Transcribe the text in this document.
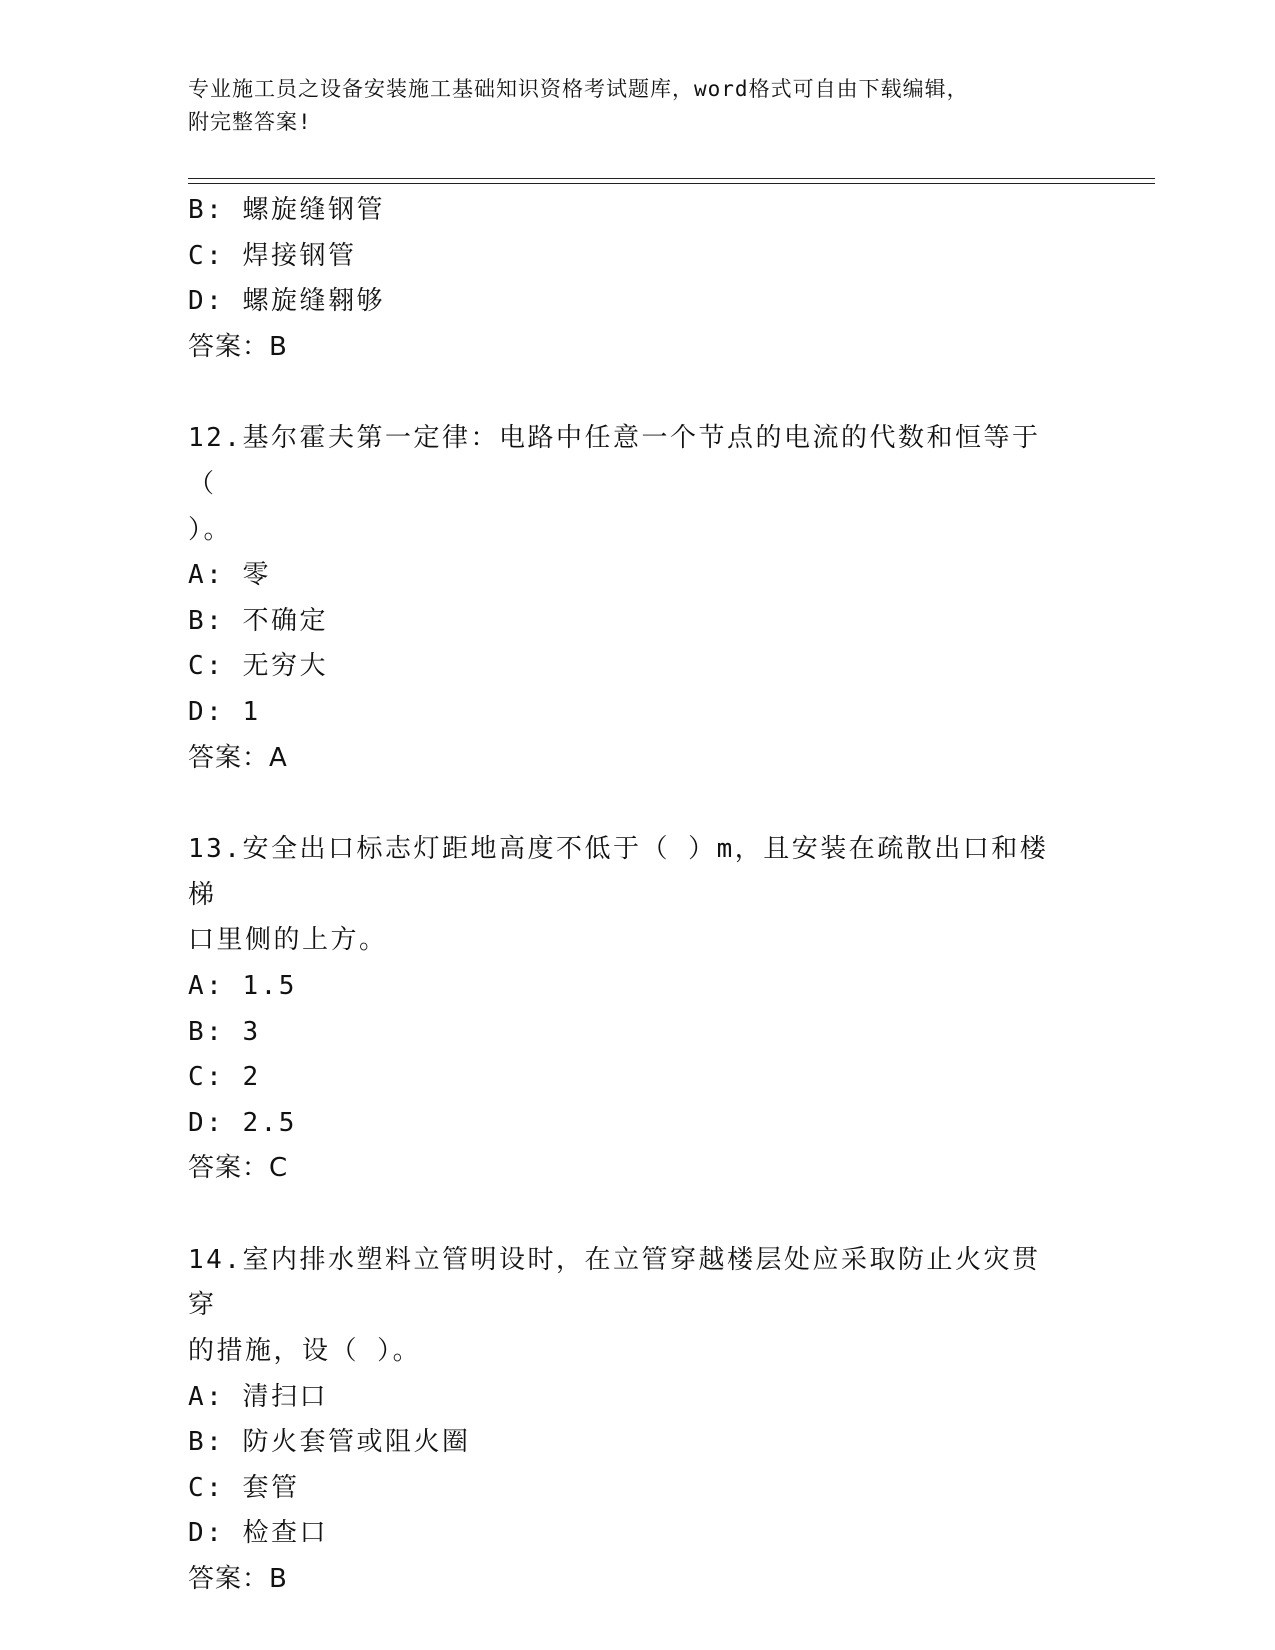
专业施工员之设备安装施工基础知识资格考试题库，word格式可自由下载编辑，
附完整答案!
B: 螺旋缝钢管
C: 焊接钢管
D: 螺旋缝翱够
答案：B
12.基尔霍夫第一定律：电路中任意一个节点的电流的代数和恒等于（
）。
A: 零
B: 不确定
C: 无穷大
D: 1
答案：A
13.安全出口标志灯距地高度不低于（ ）m，且安装在疏散出口和楼梯
口里侧的上方。
A: 1.5
B: 3
C: 2
D: 2.5
答案：C
14.室内排水塑料立管明设时，在立管穿越楼层处应采取防止火灾贯穿
的措施，设（ ）。
A: 清扫口
B: 防火套管或阻火圈
C: 套管
D: 检查口
答案：B
